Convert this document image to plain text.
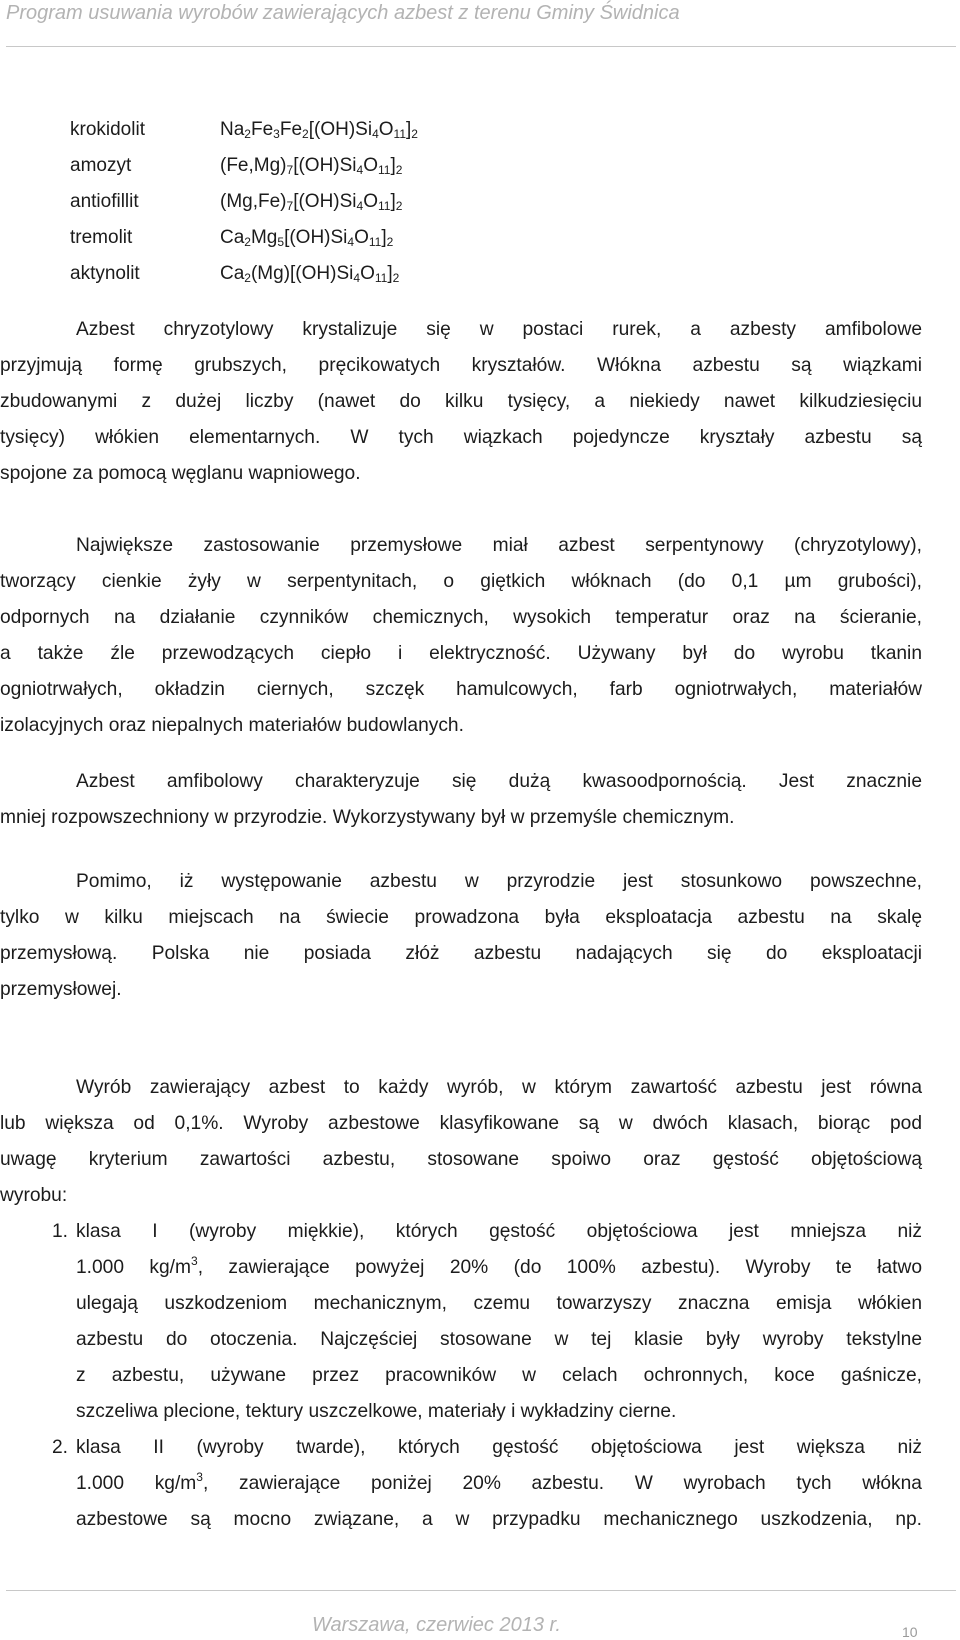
Program usuwania wyrobów zawierających azbest z terenu Gminy Świdnica
krokidolit	$Na_2Fe_3Fe_2[(OH)Si_4O_{11}]_2$
amozyt	$(Fe,Mg)_7[(OH)Si_4O_{11}]_2$
antiofillit	$(Mg,Fe)_7[(OH)Si_4O_{11}]_2$
tremolit	$Ca_2Mg_5[(OH)Si_4O_{11}]_2$
aktynolit	$Ca_2(Mg)[(OH)Si_4O_{11}]_2$
Azbest chryzotylowy krystalizuje się w postaci rurek, a azbesty amfibolowe
przyjmują formę grubszych, pręcikowatych kryształów. Włókna azbestu są wiązkami
zbudowanymi z dużej liczby (nawet do kilku tysięcy, a niekiedy nawet kilkudziesięciu
tysięcy) włókien elementarnych. W tych wiązkach pojedyncze kryształy azbestu są
spojone za pomocą węglanu wapniowego.
Największe zastosowanie przemysłowe miał azbest serpentynowy (chryzotylowy),
tworzący cienkie żyły w serpentynitach, o giętkich włóknach (do 0,1 µm grubości),
odpornych na działanie czynników chemicznych, wysokich temperatur oraz na ścieranie,
a także źle przewodzących ciepło i elektryczność. Używany był do wyrobu tkanin
ogniotrwałych, okładzin ciernych, szczęk hamulcowych, farb ogniotrwałych, materiałów
izolacyjnych oraz niepalnych materiałów budowlanych.
Azbest amfibolowy charakteryzuje się dużą kwasoodpornością. Jest znacznie
mniej rozpowszechniony w przyrodzie. Wykorzystywany był w przemyśle chemicznym.
Pomimo, iż występowanie azbestu w przyrodzie jest stosunkowo powszechne,
tylko w kilku miejscach na świecie prowadzona była eksploatacja azbestu na skalę
przemysłową. Polska nie posiada złóż azbestu nadających się do eksploatacji
przemysłowej.
Wyrób zawierający azbest to każdy wyrób, w którym zawartość azbestu jest równa
lub większa od 0,1%. Wyroby azbestowe klasyfikowane są w dwóch klasach, biorąc pod
uwagę kryterium zawartości azbestu, stosowane spoiwo oraz gęstość objętościową
wyrobu:
1. klasa I (wyroby miękkie), których gęstość objętościowa jest mniejsza niż
1.000 $kg/m^3$, zawierające powyżej 20% (do 100% azbestu). Wyroby te łatwo
ulegają uszkodzeniom mechanicznym, czemu towarzyszy znaczna emisja włókien
azbestu do otoczenia. Najczęściej stosowane w tej klasie były wyroby tekstylne
z azbestu, używane przez pracowników w celach ochronnych, koce gaśnicze,
szczeliwa plecione, tektury uszczelkowe, materiały i wykładziny cierne.
2. klasa II (wyroby twarde), których gęstość objętościowa jest większa niż
1.000 $kg/m^3$, zawierające poniżej 20% azbestu. W wyrobach tych włókna
azbestowe są mocno związane, a w przypadku mechanicznego uszkodzenia, np.
Warszawa, czerwiec 2013 r.	10
